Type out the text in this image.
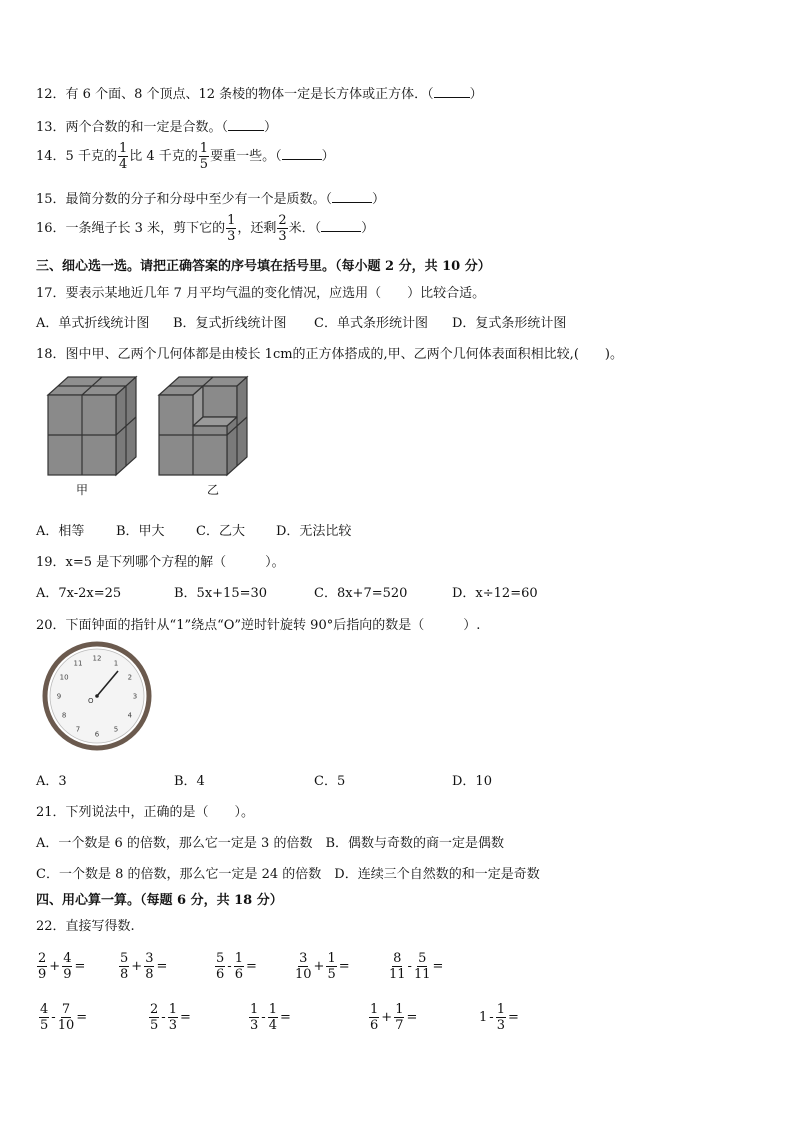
12．有 6 个面、8 个顶点、12 条棱的物体一定是长方体或正方体．（	）
13．两个合数的和一定是合数。（	）
14．5 千克的 $\frac{1}{4}$ 比 4 千克的 $\frac{1}{5}$ 要重一些。（	）
15．最简分数的分子和分母中至少有一个是质数。（	）
16．一条绳子长 3 米，剪下它的 $\frac{1}{3}$ ，还剩 $\frac{2}{3}$ 米．（	）
三、细心选一选。请把正确答案的序号填在括号里。（每小题 2 分，共 10 分）
17．要表示某地近几年 7 月平均气温的变化情况，应选用（　　）比较合适。
A．单式折线统计图 B．复式折线统计图 C．单式条形统计图 D．复式条形统计图
18．图中甲、乙两个几何体都是由棱长 1cm的正方体搭成的,甲、乙两个几何体表面积相比较,(　　)。
甲	乙
A．相等 B．甲大 C．乙大 D．无法比较
19．x=5 是下列哪个方程的解（　　　）。
A．7x-2x=25	B．5x+15=30	C．8x+7=520	D．x÷12=60
20．下面钟面的指针从“1”绕点“O”逆时针旋转 90°后指向的数是（　　　）.
12
1
2
3
4
5
6
7
8
9
10
11
O
A．3	B．4	C．5	D．10
21．下列说法中，正确的是（　　）。
A．一个数是 6 的倍数，那么它一定是 3 的倍数　B．偶数与奇数的商一定是偶数
C．一个数是 8 的倍数，那么它一定是 24 的倍数　D．连续三个自然数的和一定是奇数
四、用心算一算。（每题 6 分，共 18 分）
22．直接写得数.
$\frac{2}{9} + \frac{4}{9}$ =	$\frac{5}{8} + \frac{3}{8}$ =	$\frac{5}{6} - \frac{1}{6}$ =	$\frac{3}{10} + \frac{1}{5}$ =	$\frac{8}{11} - \frac{5}{11}$ =
$\frac{4}{5} - \frac{7}{10}$ =	$\frac{2}{5} - \frac{1}{3}$ =	$\frac{1}{3} - \frac{1}{4}$ =	$\frac{1}{6} + \frac{1}{7}$ =	$1 - \frac{1}{3}$ =
